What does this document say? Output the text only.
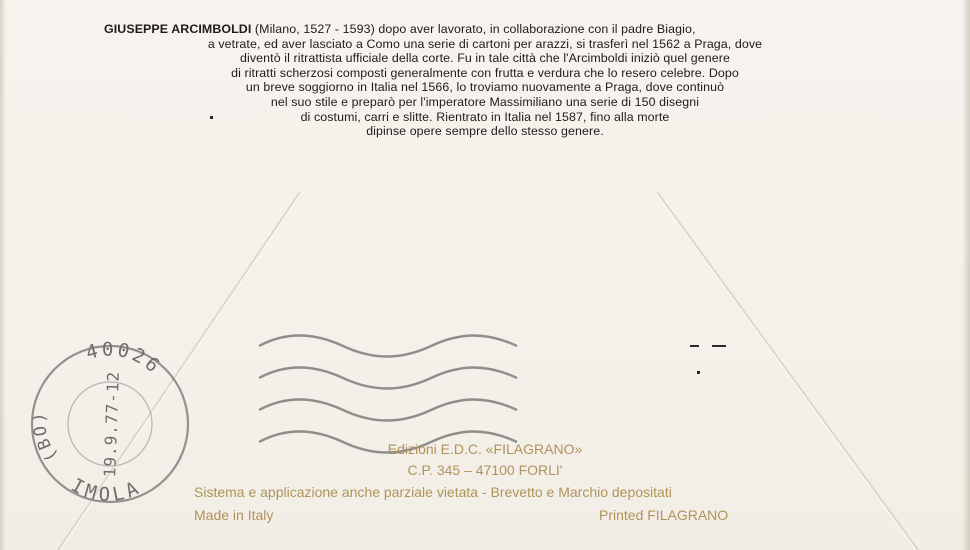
GIUSEPPE ARCIMBOLDI (Milano, 1527 - 1593) dopo aver lavorato, in collaborazione con il padre Biagio,
a vetrate, ed aver lasciato a Como una serie di cartoni per arazzi, si trasferì nel 1562 a Praga, dove
diventò il ritrattista ufficiale della corte. Fu in tale città che l'Arcimboldi iniziò quel genere
di ritratti scherzosi composti generalmente con frutta e verdura che lo resero celebre. Dopo
un breve soggiorno in Italia nel 1566, lo troviamo nuovamente a Praga, dove continuò
nel suo stile e preparò per l'imperatore Massimiliano una serie di 150 disegni
di costumi, carri e slitte. Rientrato in Italia nel 1587, fino alla morte
dipinse opere sempre dello stesso genere.
40026
IMOLA
(BO)	19.9.77-12	Edizioni E.D.C. «FILAGRANO»
C.P. 345 – 47100 FORLI'
Sistema e applicazione anche parziale vietata - Brevetto e Marchio depositati
Made in Italy	Printed FILAGRANO
